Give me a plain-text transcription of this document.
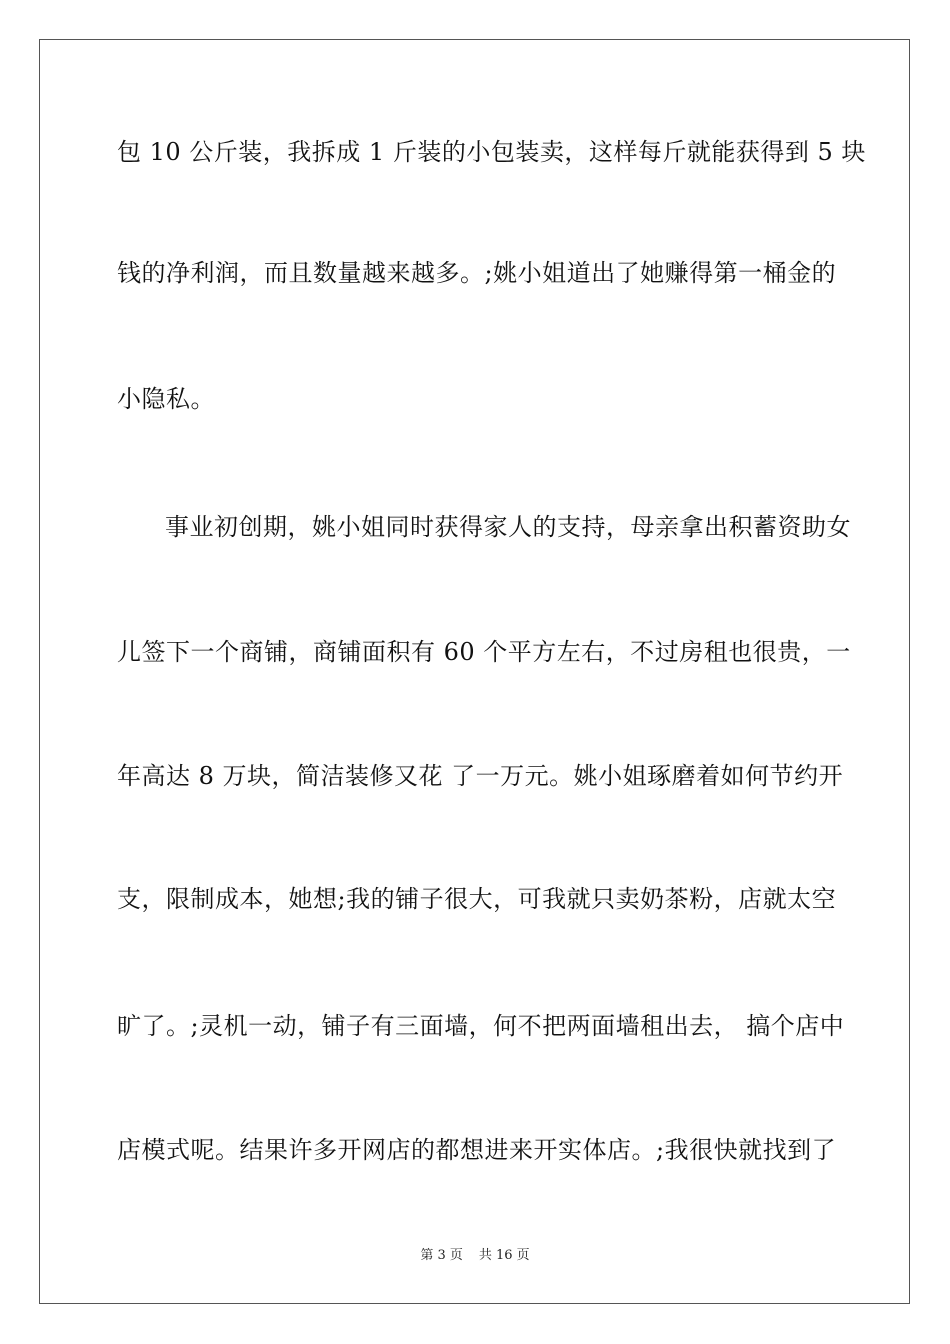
包 10 公斤装，我拆成 1 斤装的小包装卖，这样每斤就能获得到 5 块
钱的净利润，而且数量越来越多。;姚小姐道出了她赚得第一桶金的
小隐私。
事业初创期，姚小姐同时获得家人的支持，母亲拿出积蓄资助女
儿签下一个商铺，商铺面积有 60 个平方左右，不过房租也很贵，一
年高达 8 万块，简洁装修又花 了一万元。姚小姐琢磨着如何节约开
支，限制成本，她想;我的铺子很大，可我就只卖奶茶粉，店就太空
旷了。;灵机一动，铺子有三面墙，何不把两面墙租出去， 搞个店中
店模式呢。结果许多开网店的都想进来开实体店。;我很快就找到了
第 3 页 共 16 页
